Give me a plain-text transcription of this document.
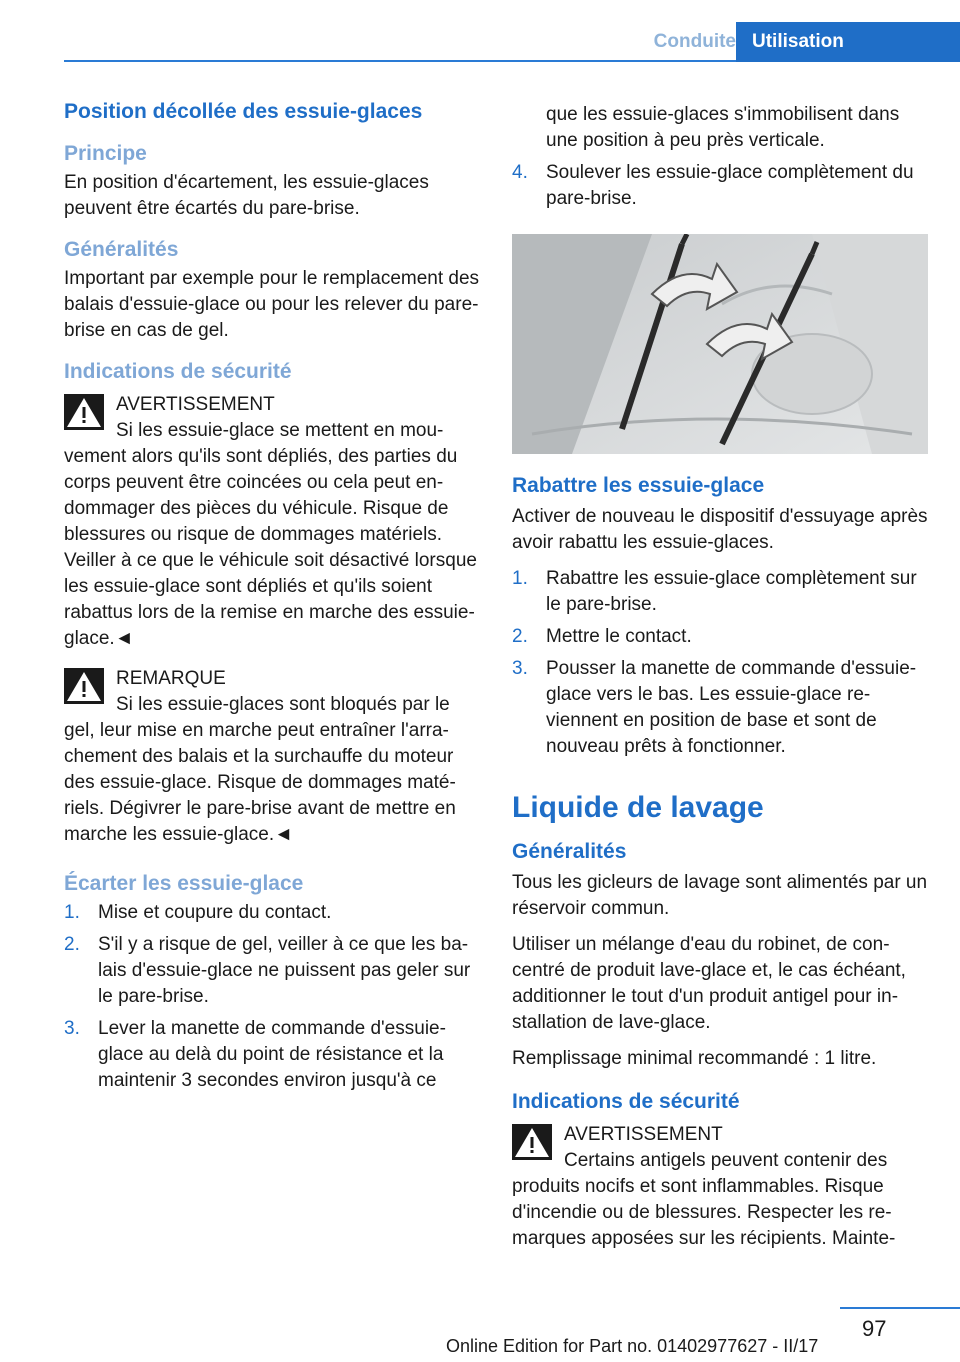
Conduite Utilisation
Position décollée des essuie-glaces
Principe

En position d'écartement, les essuie-glaces peuvent être écartés du pare-brise.

Généralités

Important par exemple pour le remplacement des balais d'essuie-glace ou pour les relever du pare-brise en cas de gel.

Indications de sécurité
AVERTISSEMENT
Si les essuie-glace se mettent en mou-
vement alors qu'ils sont dépliés, des parties du corps peuvent être coincées ou cela peut endommager des pièces du véhicule. Risque de blessures ou risque de dommages matériels. Veiller à ce que le véhicule soit désactivé lorsque les essuie-glace sont dépliés et qu'ils soient rabattus lors de la remise en marche des essuie-glace.◄
REMARQUE
Si les essuie-glaces sont bloqués par le
gel, leur mise en marche peut entraîner l'arrachement des balais et la surchauffe du moteur des essuie-glace. Risque de dommages matériels. Dégivrer le pare-brise avant de mettre en marche les essuie-glace.◄
Écarter les essuie-glace
1. Mise et coupure du contact.
2. S'il y a risque de gel, veiller à ce que les balais d'essuie-glace ne puissent pas geler sur le pare-brise.
3. Lever la manette de commande d'essuie-glace au delà du point de résistance et la maintenir 3 secondes environ jusqu'à ce
que les essuie-glaces s'immobilisent dans une position à peu près verticale.
4. Soulever les essuie-glace complètement du pare-brise.
Rabattre les essuie-glace

Activer de nouveau le dispositif d'essuyage après avoir rabattu les essuie-glaces.

1. Rabattre les essuie-glace complètement sur le pare-brise.
2. Mettre le contact.
3. Pousser la manette de commande d'essuie-glace vers le bas. Les essuie-glace reviennent en position de base et sont de nouveau prêts à fonctionner.
Liquide de lavage
Généralités

Tous les gicleurs de lavage sont alimentés par un réservoir commun.

Utiliser un mélange d'eau du robinet, de concentré de produit lave-glace et, le cas échéant, additionner le tout d'un produit antigel pour installation de lave-glace.

Remplissage minimal recommandé : 1 litre.

Indications de sécurité
AVERTISSEMENT
Certains antigels peuvent contenir des
produits nocifs et sont inflammables. Risque d'incendie ou de blessures. Respecter les remarques apposées sur les récipients. Mainte-
97
Online Edition for Part no. 01402977627 - II/17
